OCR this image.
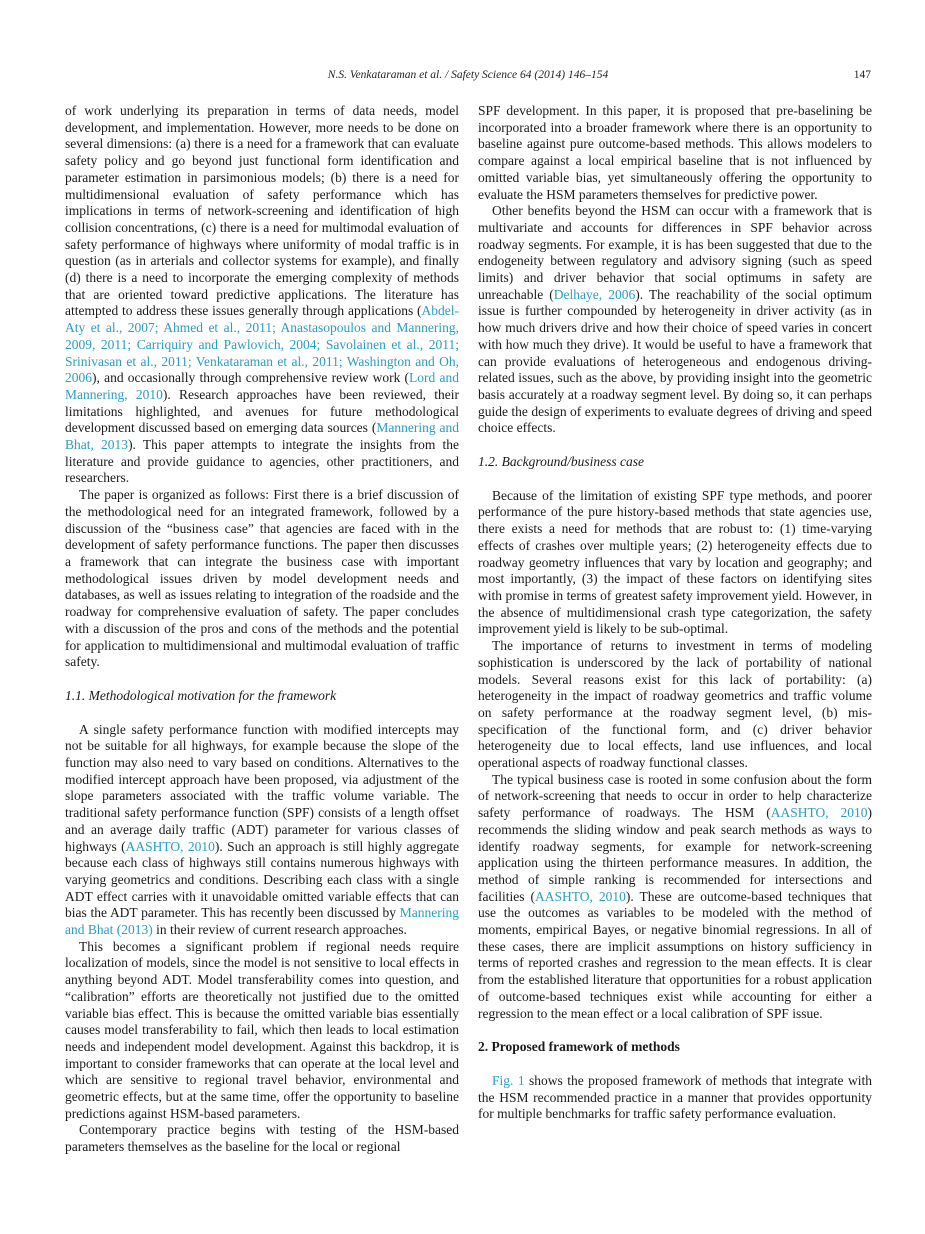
N.S. Venkataraman et al. / Safety Science 64 (2014) 146–154	147
of work underlying its preparation in terms of data needs, model development, and implementation. However, more needs to be done on several dimensions: (a) there is a need for a framework that can evaluate safety policy and go beyond just functional form identification and parameter estimation in parsimonious models; (b) there is a need for multidimensional evaluation of safety performance which has implications in terms of network-screening and identification of high collision concentrations, (c) there is a need for multimodal evaluation of safety performance of highways where uniformity of modal traffic is in question (as in arterials and collector systems for example), and finally (d) there is a need to incorporate the emerging complexity of methods that are oriented toward predictive applications. The literature has attempted to address these issues generally through applications (Abdel-Aty et al., 2007; Ahmed et al., 2011; Anastasopoulos and Mannering, 2009, 2011; Carriquiry and Pawlovich, 2004; Savolainen et al., 2011; Srinivasan et al., 2011; Venkataraman et al., 2011; Washington and Oh, 2006), and occasionally through comprehensive review work (Lord and Mannering, 2010). Research approaches have been reviewed, their limitations highlighted, and avenues for future methodological development discussed based on emerging data sources (Mannering and Bhat, 2013). This paper attempts to integrate the insights from the literature and provide guidance to agencies, other practitioners, and researchers.
The paper is organized as follows: First there is a brief discussion of the methodological need for an integrated framework, followed by a discussion of the “business case” that agencies are faced with in the development of safety performance functions. The paper then discusses a framework that can integrate the business case with important methodological issues driven by model development needs and databases, as well as issues relating to integration of the roadside and the roadway for comprehensive evaluation of safety. The paper concludes with a discussion of the pros and cons of the methods and the potential for application to multidimensional and multimodal evaluation of traffic safety.
1.1. Methodological motivation for the framework
A single safety performance function with modified intercepts may not be suitable for all highways, for example because the slope of the function may also need to vary based on conditions. Alternatives to the modified intercept approach have been proposed, via adjustment of the slope parameters associated with the traffic volume variable. The traditional safety performance function (SPF) consists of a length offset and an average daily traffic (ADT) parameter for various classes of highways (AASHTO, 2010). Such an approach is still highly aggregate because each class of highways still contains numerous highways with varying geometrics and conditions. Describing each class with a single ADT effect carries with it unavoidable omitted variable effects that can bias the ADT parameter. This has recently been discussed by Mannering and Bhat (2013) in their review of current research approaches.
This becomes a significant problem if regional needs require localization of models, since the model is not sensitive to local effects in anything beyond ADT. Model transferability comes into question, and “calibration” efforts are theoretically not justified due to the omitted variable bias effect. This is because the omitted variable bias essentially causes model transferability to fail, which then leads to local estimation needs and independent model development. Against this backdrop, it is important to consider frameworks that can operate at the local level and which are sensitive to regional travel behavior, environmental and geometric effects, but at the same time, offer the opportunity to baseline predictions against HSM-based parameters.
Contemporary practice begins with testing of the HSM-based parameters themselves as the baseline for the local or regional
SPF development. In this paper, it is proposed that pre-baselining be incorporated into a broader framework where there is an opportunity to baseline against pure outcome-based methods. This allows modelers to compare against a local empirical baseline that is not influenced by omitted variable bias, yet simultaneously offering the opportunity to evaluate the HSM parameters themselves for predictive power.
Other benefits beyond the HSM can occur with a framework that is multivariate and accounts for differences in SPF behavior across roadway segments. For example, it is has been suggested that due to the endogeneity between regulatory and advisory signing (such as speed limits) and driver behavior that social optimums in safety are unreachable (Delhaye, 2006). The reachability of the social optimum issue is further compounded by heterogeneity in driver activity (as in how much drivers drive and how their choice of speed varies in concert with how much they drive). It would be useful to have a framework that can provide evaluations of heterogeneous and endogenous driving-related issues, such as the above, by providing insight into the geometric basis accurately at a roadway segment level. By doing so, it can perhaps guide the design of experiments to evaluate degrees of driving and speed choice effects.
1.2. Background/business case
Because of the limitation of existing SPF type methods, and poorer performance of the pure history-based methods that state agencies use, there exists a need for methods that are robust to: (1) time-varying effects of crashes over multiple years; (2) heterogeneity effects due to roadway geometry influences that vary by location and geography; and most importantly, (3) the impact of these factors on identifying sites with promise in terms of greatest safety improvement yield. However, in the absence of multidimensional crash type categorization, the safety improvement yield is likely to be sub-optimal.
The importance of returns to investment in terms of modeling sophistication is underscored by the lack of portability of national models. Several reasons exist for this lack of portability: (a) heterogeneity in the impact of roadway geometrics and traffic volume on safety performance at the roadway segment level, (b) mis-specification of the functional form, and (c) driver behavior heterogeneity due to local effects, land use influences, and local operational aspects of roadway functional classes.
The typical business case is rooted in some confusion about the form of network-screening that needs to occur in order to help characterize safety performance of roadways. The HSM (AASHTO, 2010) recommends the sliding window and peak search methods as ways to identify roadway segments, for example for network-screening application using the thirteen performance measures. In addition, the method of simple ranking is recommended for intersections and facilities (AASHTO, 2010). These are outcome-based techniques that use the outcomes as variables to be modeled with the method of moments, empirical Bayes, or negative binomial regressions. In all of these cases, there are implicit assumptions on history sufficiency in terms of reported crashes and regression to the mean effects. It is clear from the established literature that opportunities for a robust application of outcome-based techniques exist while accounting for either a regression to the mean effect or a local calibration of SPF issue.
2. Proposed framework of methods
Fig. 1 shows the proposed framework of methods that integrate with the HSM recommended practice in a manner that provides opportunity for multiple benchmarks for traffic safety performance evaluation.
